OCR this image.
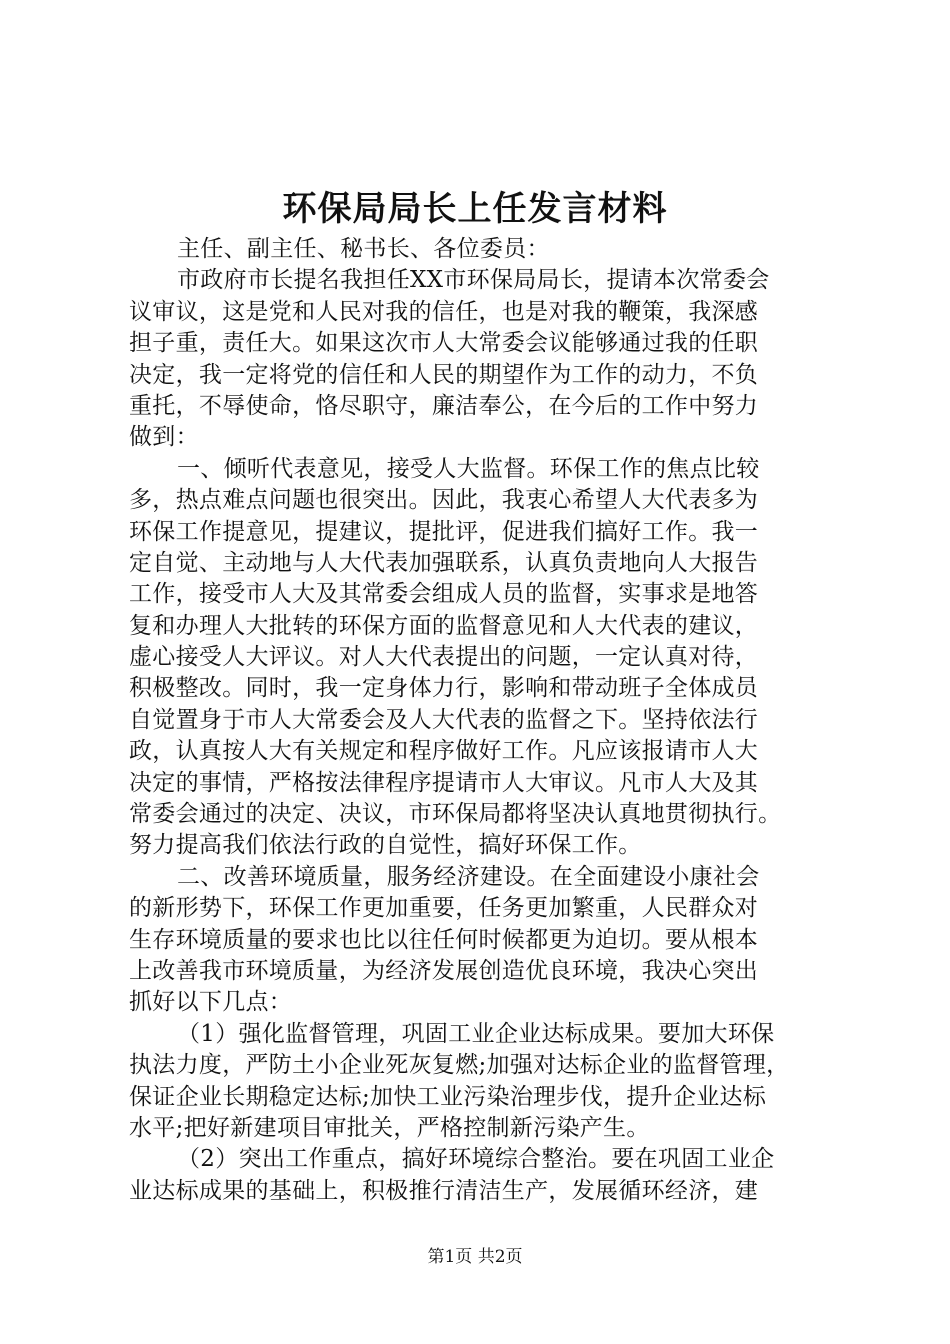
环保局局长上任发言材料
主任、副主任、秘书长、各位委员：
市政府市长提名我担任XX市环保局局长，提请本次常委会
议审议，这是党和人民对我的信任，也是对我的鞭策，我深感
担子重，责任大。如果这次市人大常委会议能够通过我的任职
决定，我一定将党的信任和人民的期望作为工作的动力，不负
重托，不辱使命，恪尽职守，廉洁奉公，在今后的工作中努力
做到：
一、倾听代表意见，接受人大监督。环保工作的焦点比较
多，热点难点问题也很突出。因此，我衷心希望人大代表多为
环保工作提意见，提建议，提批评，促进我们搞好工作。我一
定自觉、主动地与人大代表加强联系，认真负责地向人大报告
工作，接受市人大及其常委会组成人员的监督，实事求是地答
复和办理人大批转的环保方面的监督意见和人大代表的建议，
虚心接受人大评议。对人大代表提出的问题，一定认真对待，
积极整改。同时，我一定身体力行，影响和带动班子全体成员
自觉置身于市人大常委会及人大代表的监督之下。坚持依法行
政，认真按人大有关规定和程序做好工作。凡应该报请市人大
决定的事情，严格按法律程序提请市人大审议。凡市人大及其
常委会通过的决定、决议，市环保局都将坚决认真地贯彻执行。
努力提高我们依法行政的自觉性，搞好环保工作。
二、改善环境质量，服务经济建设。在全面建设小康社会
的新形势下，环保工作更加重要，任务更加繁重，人民群众对
生存环境质量的要求也比以往任何时候都更为迫切。要从根本
上改善我市环境质量，为经济发展创造优良环境，我决心突出
抓好以下几点：
（1）强化监督管理，巩固工业企业达标成果。要加大环保
执法力度，严防土小企业死灰复燃;加强对达标企业的监督管理，
保证企业长期稳定达标;加快工业污染治理步伐，提升企业达标
水平;把好新建项目审批关，严格控制新污染产生。
（2）突出工作重点，搞好环境综合整治。要在巩固工业企
业达标成果的基础上，积极推行清洁生产，发展循环经济，建
第1页 共2页
